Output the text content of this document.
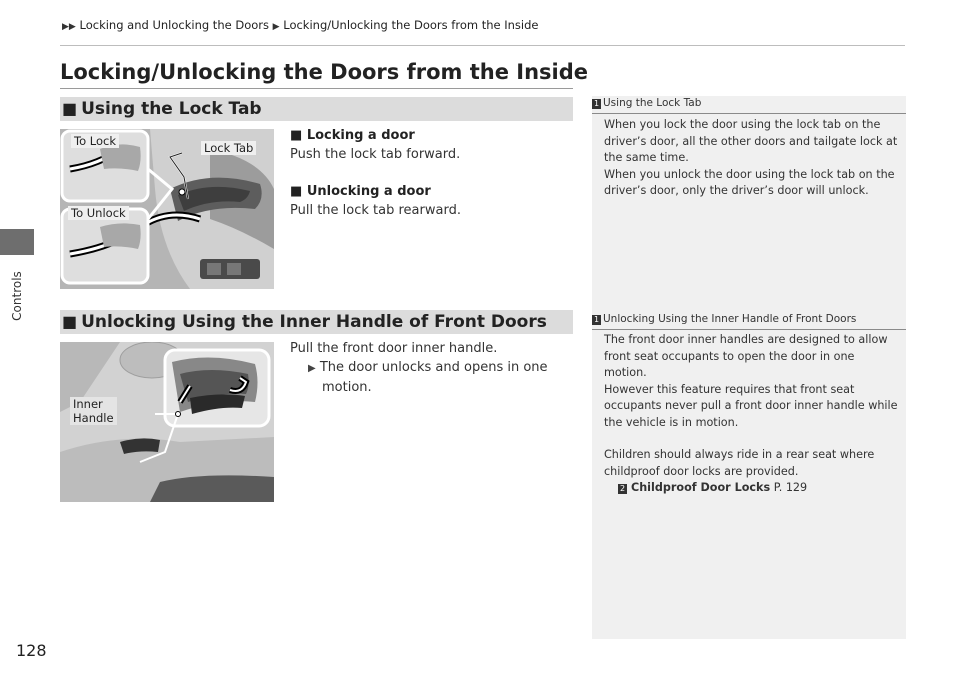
▶▶ Locking and Unlocking the Doors ▶ Locking/Unlocking the Doors from the Inside
Controls
128
Locking/Unlocking the Doors from the Inside
■ Using the Lock Tab
To Lock	Lock Tab
To Unlock
■ Locking a door
Push the lock tab forward.
■ Unlocking a door
Pull the lock tab rearward.
■ Unlocking Using the Inner Handle of Front Doors
Inner
Handle
Pull the front door inner handle.
▶ The door unlocks and opens in one
motion.
1 Using the Lock Tab
When you lock the door using the lock tab on the
driver’s door, all the other doors and tailgate lock at
the same time.
When you unlock the door using the lock tab on the
driver’s door, only the driver’s door will unlock.
1 Unlocking Using the Inner Handle of Front Doors
The front door inner handles are designed to allow
front seat occupants to open the door in one motion.
However this feature requires that front seat
occupants never pull a front door inner handle while
the vehicle is in motion.
Children should always ride in a rear seat where
childproof door locks are provided.
2 Childproof Door Locks P. 129
